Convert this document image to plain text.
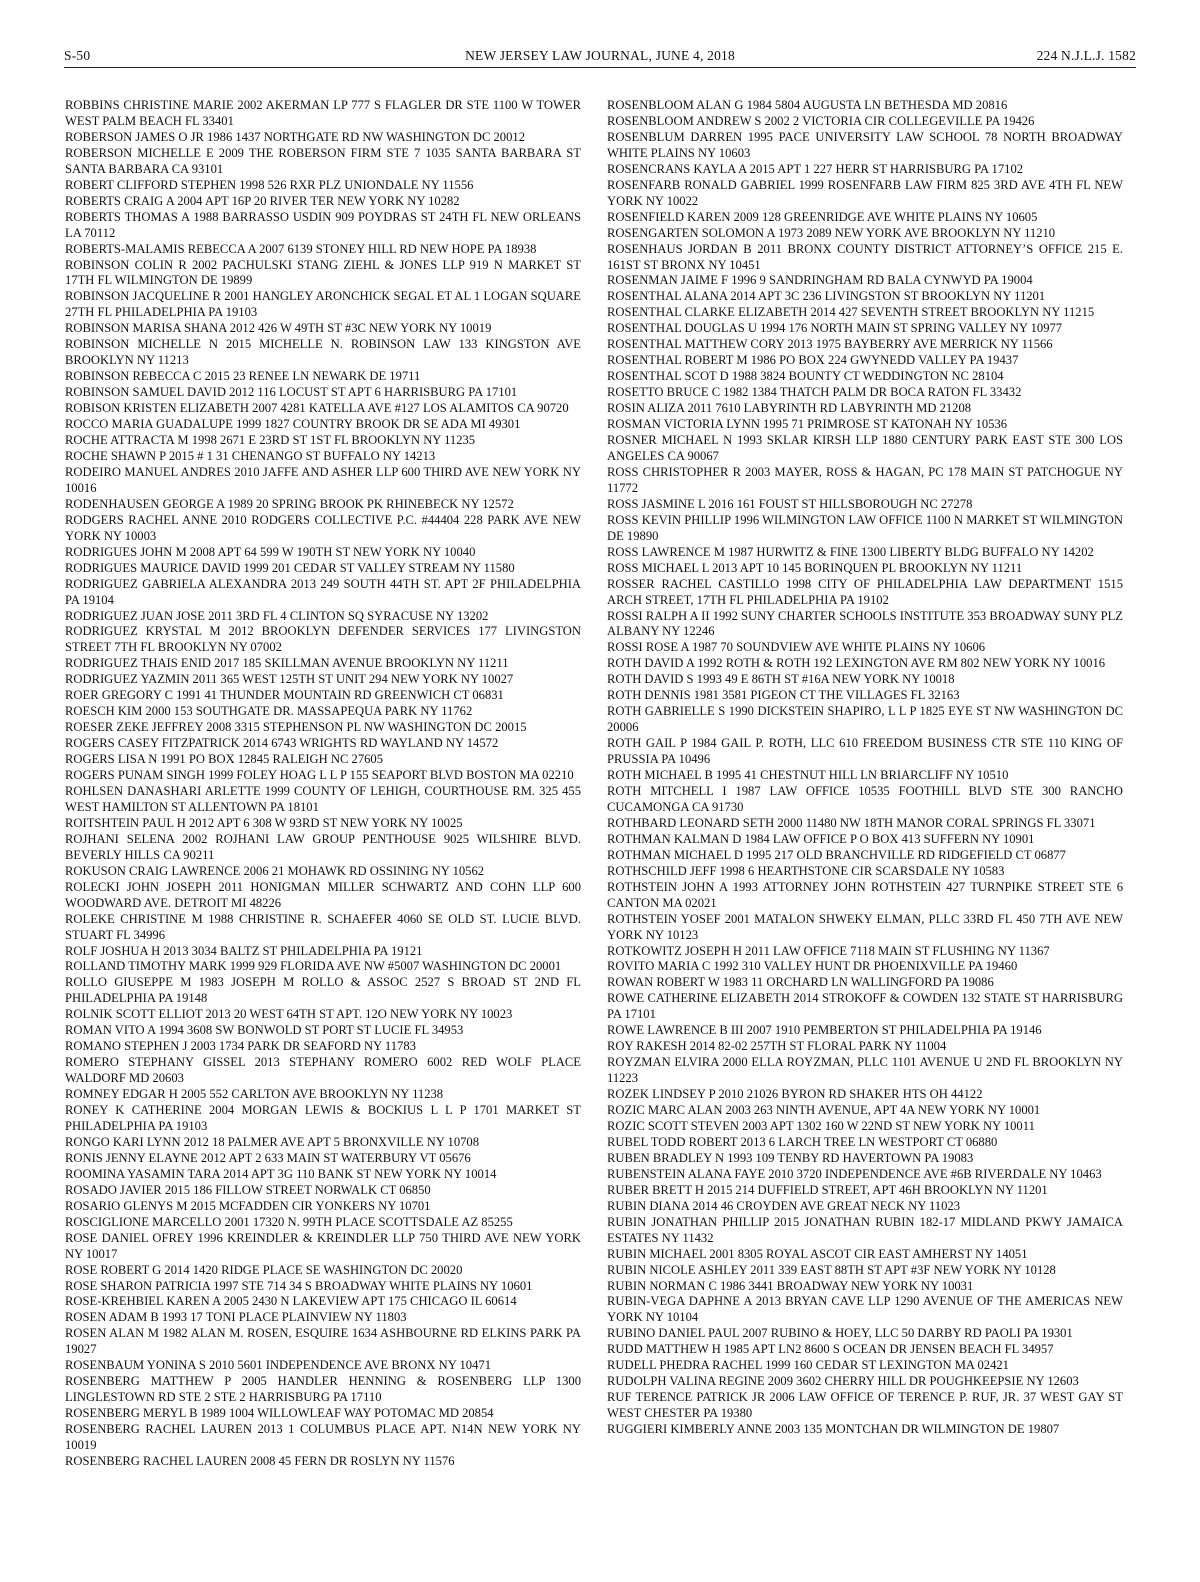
S-50	NEW JERSEY LAW JOURNAL, JUNE 4, 2018	224 N.J.L.J. 1582

ROBBINS CHRISTINE MARIE 2002 AKERMAN LP 777 S FLAGLER DR STE 1100 W TOWER WEST PALM BEACH FL 33401

ROBERSON JAMES O JR 1986 1437 NORTHGATE RD NW WASHINGTON DC 20012

ROBERSON MICHELLE E 2009 THE ROBERSON FIRM STE 7 1035 SANTA BARBARA ST SANTA BARBARA CA 93101

ROBERT CLIFFORD STEPHEN 1998 526 RXR PLZ UNIONDALE NY 11556

ROBERTS CRAIG A 2004 APT 16P 20 RIVER TER NEW YORK NY 10282

ROBERTS THOMAS A 1988 BARRASSO USDIN 909 POYDRAS ST 24TH FL NEW ORLEANS LA 70112

ROBERTS-MALAMIS REBECCA A 2007 6139 STONEY HILL RD NEW HOPE PA 18938

ROBINSON COLIN R 2002 PACHULSKI STANG ZIEHL & JONES LLP 919 N MARKET ST 17TH FL WILMINGTON DE 19899

ROBINSON JACQUELINE R 2001 HANGLEY ARONCHICK SEGAL ET AL 1 LOGAN SQUARE 27TH FL PHILADELPHIA PA 19103

ROBINSON MARISA SHANA 2012 426 W 49TH ST #3C NEW YORK NY 10019

ROBINSON MICHELLE N 2015 MICHELLE N. ROBINSON LAW 133 KINGSTON AVE BROOKLYN NY 11213

ROBINSON REBECCA C 2015 23 RENEE LN NEWARK DE 19711

ROBINSON SAMUEL DAVID 2012 116 LOCUST ST APT 6 HARRISBURG PA 17101

ROBISON KRISTEN ELIZABETH 2007 4281 KATELLA AVE #127 LOS ALAMITOS CA 90720

ROCCO MARIA GUADALUPE 1999 1827 COUNTRY BROOK DR SE ADA MI 49301

ROCHE ATTRACTA M 1998 2671 E 23RD ST 1ST FL BROOKLYN NY 11235

ROCHE SHAWN P 2015 # 1 31 CHENANGO ST BUFFALO NY 14213

RODEIRO MANUEL ANDRES 2010 JAFFE AND ASHER LLP 600 THIRD AVE NEW YORK NY 10016

RODENHAUSEN GEORGE A 1989 20 SPRING BROOK PK RHINEBECK NY 12572

RODGERS RACHEL ANNE 2010 RODGERS COLLECTIVE P.C. #44404 228 PARK AVE NEW YORK NY 10003

RODRIGUES JOHN M 2008 APT 64 599 W 190TH ST NEW YORK NY 10040

RODRIGUES MAURICE DAVID 1999 201 CEDAR ST VALLEY STREAM NY 11580

RODRIGUEZ GABRIELA ALEXANDRA 2013 249 SOUTH 44TH ST. APT 2F PHILADELPHIA PA 19104

RODRIGUEZ JUAN JOSE 2011 3RD FL 4 CLINTON SQ SYRACUSE NY 13202

RODRIGUEZ KRYSTAL M 2012 BROOKLYN DEFENDER SERVICES 177 LIVINGSTON STREET 7TH FL BROOKLYN NY 07002

RODRIGUEZ THAIS ENID 2017 185 SKILLMAN AVENUE BROOKLYN NY 11211

RODRIGUEZ YAZMIN 2011 365 WEST 125TH ST UNIT 294 NEW YORK NY 10027

ROER GREGORY C 1991 41 THUNDER MOUNTAIN RD GREENWICH CT 06831

ROESCH KIM 2000 153 SOUTHGATE DR. MASSAPEQUA PARK NY 11762

ROESER ZEKE JEFFREY 2008 3315 STEPHENSON PL NW WASHINGTON DC 20015

ROGERS CASEY FITZPATRICK 2014 6743 WRIGHTS RD WAYLAND NY 14572

ROGERS LISA N 1991 PO BOX 12845 RALEIGH NC 27605

ROGERS PUNAM SINGH 1999 FOLEY HOAG L L P 155 SEAPORT BLVD BOSTON MA 02210

ROHLSEN DANASHARI ARLETTE 1999 COUNTY OF LEHIGH, COURTHOUSE RM. 325 455 WEST HAMILTON ST ALLENTOWN PA 18101

ROITSHTEIN PAUL H 2012 APT 6 308 W 93RD ST NEW YORK NY 10025

ROJHANI SELENA 2002 ROJHANI LAW GROUP PENTHOUSE 9025 WILSHIRE BLVD. BEVERLY HILLS CA 90211

ROKUSON CRAIG LAWRENCE 2006 21 MOHAWK RD OSSINING NY 10562

ROLECKI JOHN JOSEPH 2011 HONIGMAN MILLER SCHWARTZ AND COHN LLP 600 WOODWARD AVE. DETROIT MI 48226

ROLEKE CHRISTINE M 1988 CHRISTINE R. SCHAEFER 4060 SE OLD ST. LUCIE BLVD. STUART FL 34996

ROLF JOSHUA H 2013 3034 BALTZ ST PHILADELPHIA PA 19121

ROLLAND TIMOTHY MARK 1999 929 FLORIDA AVE NW #5007 WASHINGTON DC 20001

ROLLO GIUSEPPE M 1983 JOSEPH M ROLLO & ASSOC 2527 S BROAD ST 2ND FL PHILADELPHIA PA 19148

ROLNIK SCOTT ELLIOT 2013 20 WEST 64TH ST APT. 12O NEW YORK NY 10023

ROMAN VITO A 1994 3608 SW BONWOLD ST PORT ST LUCIE FL 34953

ROMANO STEPHEN J 2003 1734 PARK DR SEAFORD NY 11783

ROMERO STEPHANY GISSEL 2013 STEPHANY ROMERO 6002 RED WOLF PLACE WALDORF MD 20603

ROMNEY EDGAR H 2005 552 CARLTON AVE BROOKLYN NY 11238

RONEY K CATHERINE 2004 MORGAN LEWIS & BOCKIUS L L P 1701 MARKET ST PHILADELPHIA PA 19103

RONGO KARI LYNN 2012 18 PALMER AVE APT 5 BRONXVILLE NY 10708

RONIS JENNY ELAYNE 2012 APT 2 633 MAIN ST WATERBURY VT 05676

ROOMINA YASAMIN TARA 2014 APT 3G 110 BANK ST NEW YORK NY 10014

ROSADO JAVIER 2015 186 FILLOW STREET NORWALK CT 06850

ROSARIO GLENYS M 2015 MCFADDEN CIR YONKERS NY 10701

ROSCIGLIONE MARCELLO 2001 17320 N. 99TH PLACE SCOTTSDALE AZ 85255

ROSE DANIEL OFREY 1996 KREINDLER & KREINDLER LLP 750 THIRD AVE NEW YORK NY 10017

ROSE ROBERT G 2014 1420 RIDGE PLACE SE WASHINGTON DC 20020

ROSE SHARON PATRICIA 1997 STE 714 34 S BROADWAY WHITE PLAINS NY 10601

ROSE-KREHBIEL KAREN A 2005 2430 N LAKEVIEW APT 175 CHICAGO IL 60614

ROSEN ADAM B 1993 17 TONI PLACE PLAINVIEW NY 11803

ROSEN ALAN M 1982 ALAN M. ROSEN, ESQUIRE 1634 ASHBOURNE RD ELKINS PARK PA 19027

ROSENBAUM YONINA S 2010 5601 INDEPENDENCE AVE BRONX NY 10471

ROSENBERG MATTHEW P 2005 HANDLER HENNING & ROSENBERG LLP 1300 LINGLESTOWN RD STE 2 STE 2 HARRISBURG PA 17110

ROSENBERG MERYL B 1989 1004 WILLOWLEAF WAY POTOMAC MD 20854

ROSENBERG RACHEL LAUREN 2013 1 COLUMBUS PLACE APT. N14N NEW YORK NY 10019

ROSENBERG RACHEL LAUREN 2008 45 FERN DR ROSLYN NY 11576

ROSENBLOOM ALAN G 1984 5804 AUGUSTA LN BETHESDA MD 20816

ROSENBLOOM ANDREW S 2002 2 VICTORIA CIR COLLEGEVILLE PA 19426

ROSENBLUM DARREN 1995 PACE UNIVERSITY LAW SCHOOL 78 NORTH BROADWAY WHITE PLAINS NY 10603

ROSENCRANS KAYLA A 2015 APT 1 227 HERR ST HARRISBURG PA 17102

ROSENFARB RONALD GABRIEL 1999 ROSENFARB LAW FIRM 825 3RD AVE 4TH FL NEW YORK NY 10022

ROSENFIELD KAREN 2009 128 GREENRIDGE AVE WHITE PLAINS NY 10605

ROSENGARTEN SOLOMON A 1973 2089 NEW YORK AVE BROOKLYN NY 11210

ROSENHAUS JORDAN B 2011 BRONX COUNTY DISTRICT ATTORNEY’S OFFICE 215 E. 161ST ST BRONX NY 10451

ROSENMAN JAIME F 1996 9 SANDRINGHAM RD BALA CYNWYD PA 19004

ROSENTHAL ALANA 2014 APT 3C 236 LIVINGSTON ST BROOKLYN NY 11201

ROSENTHAL CLARKE ELIZABETH 2014 427 SEVENTH STREET BROOKLYN NY 11215

ROSENTHAL DOUGLAS U 1994 176 NORTH MAIN ST SPRING VALLEY NY 10977

ROSENTHAL MATTHEW CORY 2013 1975 BAYBERRY AVE MERRICK NY 11566

ROSENTHAL ROBERT M 1986 PO BOX 224 GWYNEDD VALLEY PA 19437

ROSENTHAL SCOT D 1988 3824 BOUNTY CT WEDDINGTON NC 28104

ROSETTO BRUCE C 1982 1384 THATCH PALM DR BOCA RATON FL 33432

ROSIN ALIZA 2011 7610 LABYRINTH RD LABYRINTH MD 21208

ROSMAN VICTORIA LYNN 1995 71 PRIMROSE ST KATONAH NY 10536

ROSNER MICHAEL N 1993 SKLAR KIRSH LLP 1880 CENTURY PARK EAST STE 300 LOS ANGELES CA 90067

ROSS CHRISTOPHER R 2003 MAYER, ROSS & HAGAN, PC 178 MAIN ST PATCHOGUE NY 11772

ROSS JASMINE L 2016 161 FOUST ST HILLSBOROUGH NC 27278

ROSS KEVIN PHILLIP 1996 WILMINGTON LAW OFFICE 1100 N MARKET ST WILMINGTON DE 19890

ROSS LAWRENCE M 1987 HURWITZ & FINE 1300 LIBERTY BLDG BUFFALO NY 14202

ROSS MICHAEL L 2013 APT 10 145 BORINQUEN PL BROOKLYN NY 11211

ROSSER RACHEL CASTILLO 1998 CITY OF PHILADELPHIA LAW DEPARTMENT 1515 ARCH STREET, 17TH FL PHILADELPHIA PA 19102

ROSSI RALPH A II 1992 SUNY CHARTER SCHOOLS INSTITUTE 353 BROADWAY SUNY PLZ ALBANY NY 12246

ROSSI ROSE A 1987 70 SOUNDVIEW AVE WHITE PLAINS NY 10606

ROTH DAVID A 1992 ROTH & ROTH 192 LEXINGTON AVE RM 802 NEW YORK NY 10016

ROTH DAVID S 1993 49 E 86TH ST #16A NEW YORK NY 10018

ROTH DENNIS 1981 3581 PIGEON CT THE VILLAGES FL 32163

ROTH GABRIELLE S 1990 DICKSTEIN SHAPIRO, L L P 1825 EYE ST NW WASHINGTON DC 20006

ROTH GAIL P 1984 GAIL P. ROTH, LLC 610 FREEDOM BUSINESS CTR STE 110 KING OF PRUSSIA PA 10496

ROTH MICHAEL B 1995 41 CHESTNUT HILL LN BRIARCLIFF NY 10510

ROTH MITCHELL I 1987 LAW OFFICE 10535 FOOTHILL BLVD STE 300 RANCHO CUCAMONGA CA 91730

ROTHBARD LEONARD SETH 2000 11480 NW 18TH MANOR CORAL SPRINGS FL 33071

ROTHMAN KALMAN D 1984 LAW OFFICE P O BOX 413 SUFFERN NY 10901

ROTHMAN MICHAEL D 1995 217 OLD BRANCHVILLE RD RIDGEFIELD CT 06877

ROTHSCHILD JEFF 1998 6 HEARTHSTONE CIR SCARSDALE NY 10583

ROTHSTEIN JOHN A 1993 ATTORNEY JOHN ROTHSTEIN 427 TURNPIKE STREET STE 6 CANTON MA 02021

ROTHSTEIN YOSEF 2001 MATALON SHWEKY ELMAN, PLLC 33RD FL 450 7TH AVE NEW YORK NY 10123

ROTKOWITZ JOSEPH H 2011 LAW OFFICE 7118 MAIN ST FLUSHING NY 11367

ROVITO MARIA C 1992 310 VALLEY HUNT DR PHOENIXVILLE PA 19460

ROWAN ROBERT W 1983 11 ORCHARD LN WALLINGFORD PA 19086

ROWE CATHERINE ELIZABETH 2014 STROKOFF & COWDEN 132 STATE ST HARRISBURG PA 17101

ROWE LAWRENCE B III 2007 1910 PEMBERTON ST PHILADELPHIA PA 19146

ROY RAKESH 2014 82-02 257TH ST FLORAL PARK NY 11004

ROYZMAN ELVIRA 2000 ELLA ROYZMAN, PLLC 1101 AVENUE U 2ND FL BROOKLYN NY 11223

ROZEK LINDSEY P 2010 21026 BYRON RD SHAKER HTS OH 44122

ROZIC MARC ALAN 2003 263 NINTH AVENUE, APT 4A NEW YORK NY 10001

ROZIC SCOTT STEVEN 2003 APT 1302 160 W 22ND ST NEW YORK NY 10011

RUBEL TODD ROBERT 2013 6 LARCH TREE LN WESTPORT CT 06880

RUBEN BRADLEY N 1993 109 TENBY RD HAVERTOWN PA 19083

RUBENSTEIN ALANA FAYE 2010 3720 INDEPENDENCE AVE #6B RIVERDALE NY 10463

RUBER BRETT H 2015 214 DUFFIELD STREET, APT 46H BROOKLYN NY 11201

RUBIN DIANA 2014 46 CROYDEN AVE GREAT NECK NY 11023

RUBIN JONATHAN PHILLIP 2015 JONATHAN RUBIN 182-17 MIDLAND PKWY JAMAICA ESTATES NY 11432

RUBIN MICHAEL 2001 8305 ROYAL ASCOT CIR EAST AMHERST NY 14051

RUBIN NICOLE ASHLEY 2011 339 EAST 88TH ST APT #3F NEW YORK NY 10128

RUBIN NORMAN C 1986 3441 BROADWAY NEW YORK NY 10031

RUBIN-VEGA DAPHNE A 2013 BRYAN CAVE LLP 1290 AVENUE OF THE AMERICAS NEW YORK NY 10104

RUBINO DANIEL PAUL 2007 RUBINO & HOEY, LLC 50 DARBY RD PAOLI PA 19301

RUDD MATTHEW H 1985 APT LN2 8600 S OCEAN DR JENSEN BEACH FL 34957

RUDELL PHEDRA RACHEL 1999 160 CEDAR ST LEXINGTON MA 02421

RUDOLPH VALINA REGINE 2009 3602 CHERRY HILL DR POUGHKEEPSIE NY 12603

RUF TERENCE PATRICK JR 2006 LAW OFFICE OF TERENCE P. RUF, JR. 37 WEST GAY ST WEST CHESTER PA 19380

RUGGIERI KIMBERLY ANNE 2003 135 MONTCHAN DR WILMINGTON DE 19807
